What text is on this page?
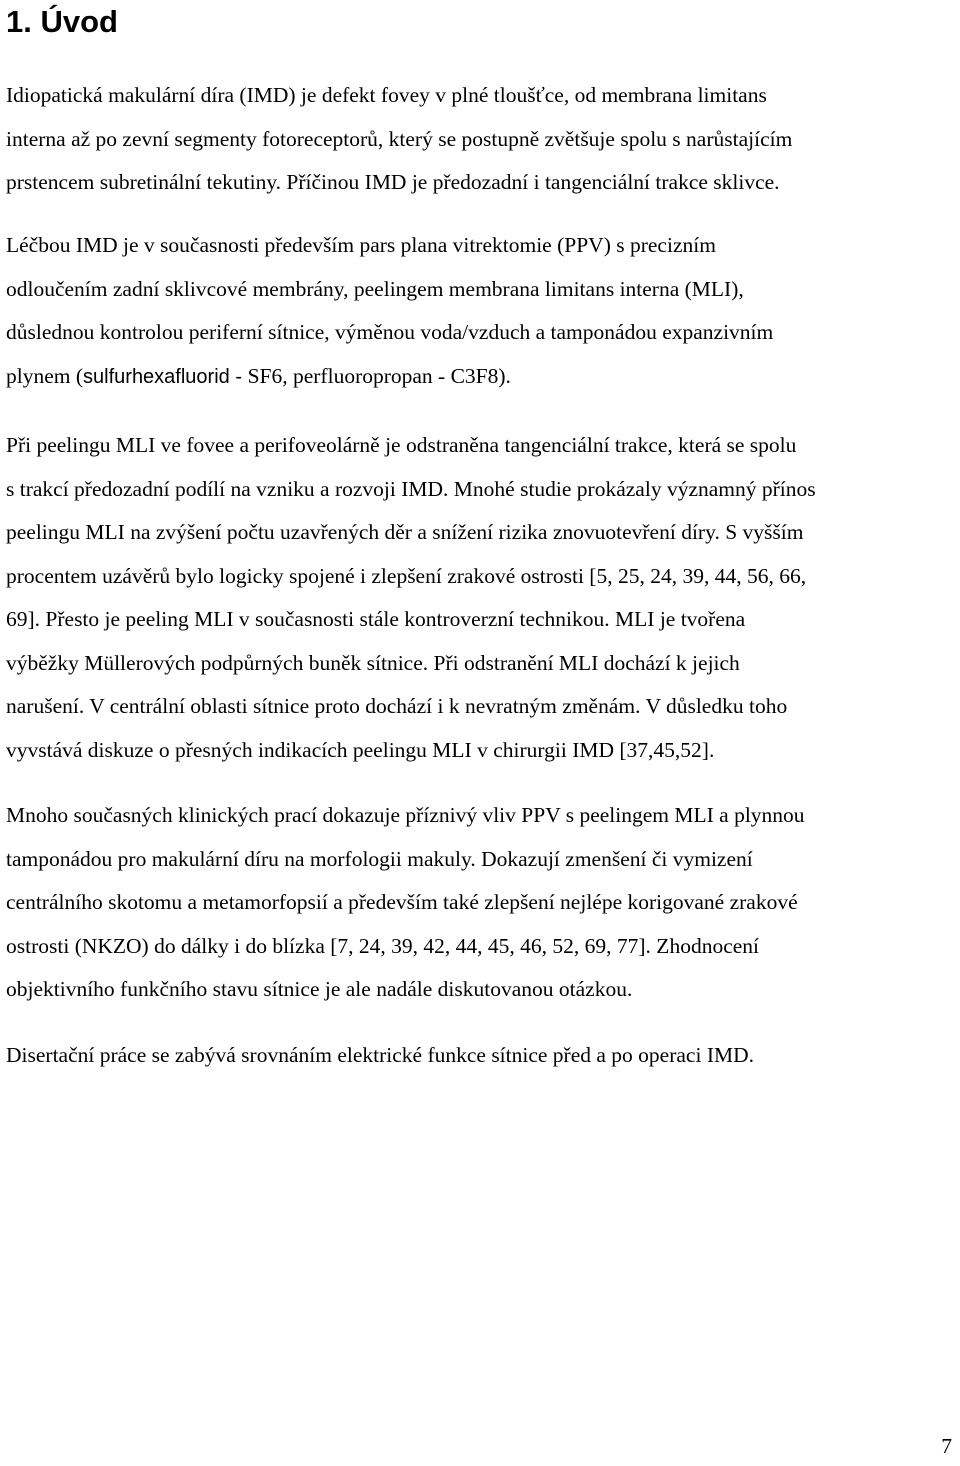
1. Úvod
Idiopatická makulární díra (IMD) je defekt fovey v plné tloušťce, od membrana limitans
interna až po zevní segmenty fotoreceptorů, který se postupně zvětšuje spolu s narůstajícím
prstencem subretinální tekutiny. Příčinou IMD je předozadní i tangenciální trakce sklivce.
Léčbou IMD je v současnosti především pars plana vitrektomie (PPV) s precizním
odloučením zadní sklivcové membrány, peelingem membrana limitans interna (MLI),
důslednou kontrolou periferní sítnice, výměnou voda/vzduch a tamponádou expanzivním
plynem (sulfurhexafluorid - SF6, perfluoropropan - C3F8).
Při peelingu MLI ve fovee a perifoveolárně je odstraněna tangenciální trakce, která se spolu
s trakcí předozadní podílí na vzniku a rozvoji IMD. Mnohé studie prokázaly významný přínos
peelingu MLI na zvýšení počtu uzavřených děr a snížení rizika znovuotevření díry. S vyšším
procentem uzávěrů bylo logicky spojené i zlepšení zrakové ostrosti [5, 25, 24, 39, 44, 56, 66,
69]. Přesto je peeling MLI v současnosti stále kontroverzní technikou. MLI je tvořena
výběžky Müllerových podpůrných buněk sítnice. Při odstranění MLI dochází k jejich
narušení. V centrální oblasti sítnice proto dochází i k nevratným změnám. V důsledku toho
vyvstává diskuze o přesných indikacích peelingu MLI v chirurgii IMD [37,45,52].
Mnoho současných klinických prací dokazuje příznivý vliv PPV s peelingem MLI a plynnou
tamponádou pro makulární díru na morfologii makuly. Dokazují zmenšení či vymizení
centrálního skotomu a metamorfopsií a především také zlepšení nejlépe korigované zrakové
ostrosti (NKZO) do dálky i do blízka [7, 24, 39, 42, 44, 45, 46, 52, 69, 77]. Zhodnocení
objektivního funkčního stavu sítnice je ale nadále diskutovanou otázkou.
Disertační práce se zabývá srovnáním elektrické funkce sítnice před a po operaci IMD.
7
